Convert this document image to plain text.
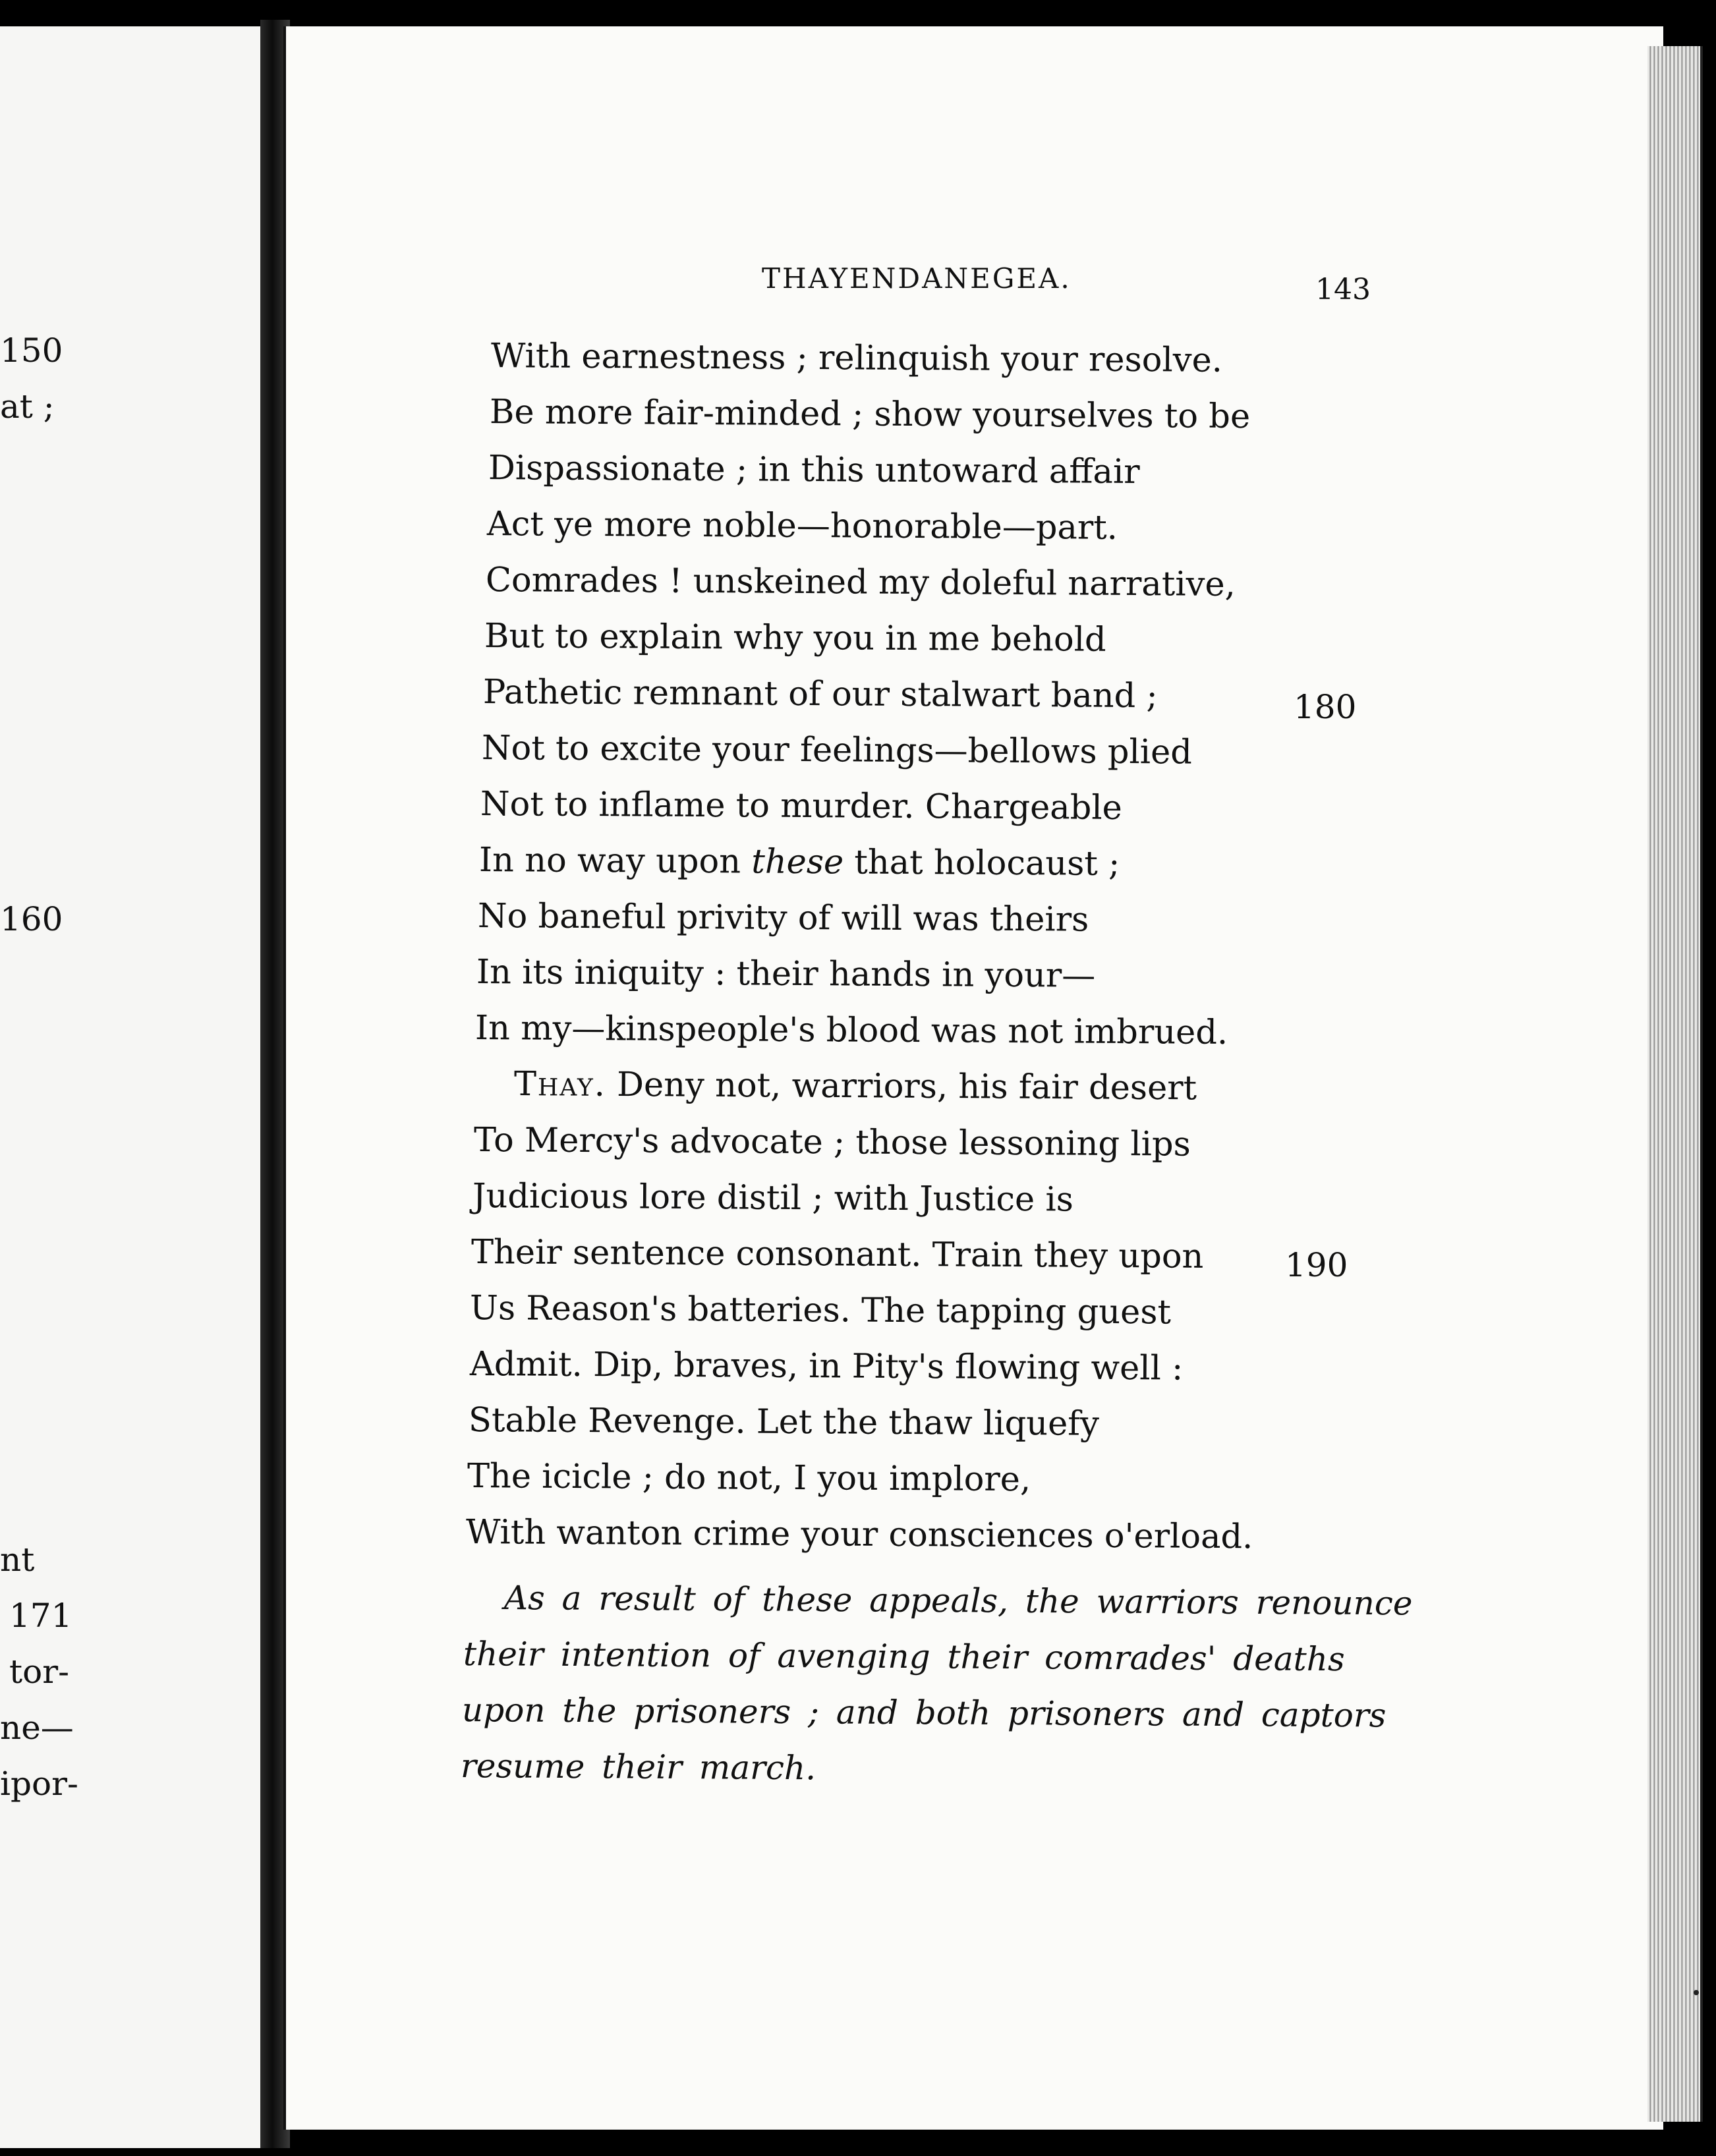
150
at ;
160
nt
171
tor-
ne—
ipor-
THAYENDANEGEA.	143
With earnestness ; relinquish your resolve.
Be more fair-minded ; show yourselves to be
Dispassionate ; in this untoward affair
Act ye more noble—honorable—part.
Comrades ! unskeined my doleful narrative,
But to explain why you in me behold
Pathetic remnant of our stalwart band ;	180
Not to excite your feelings—bellows plied
Not to inflame to murder. Chargeable
In no way upon these that holocaust ;
No baneful privity of will was theirs
In its iniquity : their hands in your—
In my—kinspeople's blood was not imbrued.
Thay. Deny not, warriors, his fair desert
To Mercy's advocate ; those lessoning lips
Judicious lore distil ; with Justice is
Their sentence consonant. Train they upon 190
Us Reason's batteries. The tapping guest
Admit. Dip, braves, in Pity's flowing well :
Stable Revenge. Let the thaw liquefy
The icicle ; do not, I you implore,
With wanton crime your consciences o'erload.
As a result of these appeals, the warriors renounce
their intention of avenging their comrades' deaths
upon the prisoners ; and both prisoners and captors
resume their march.
